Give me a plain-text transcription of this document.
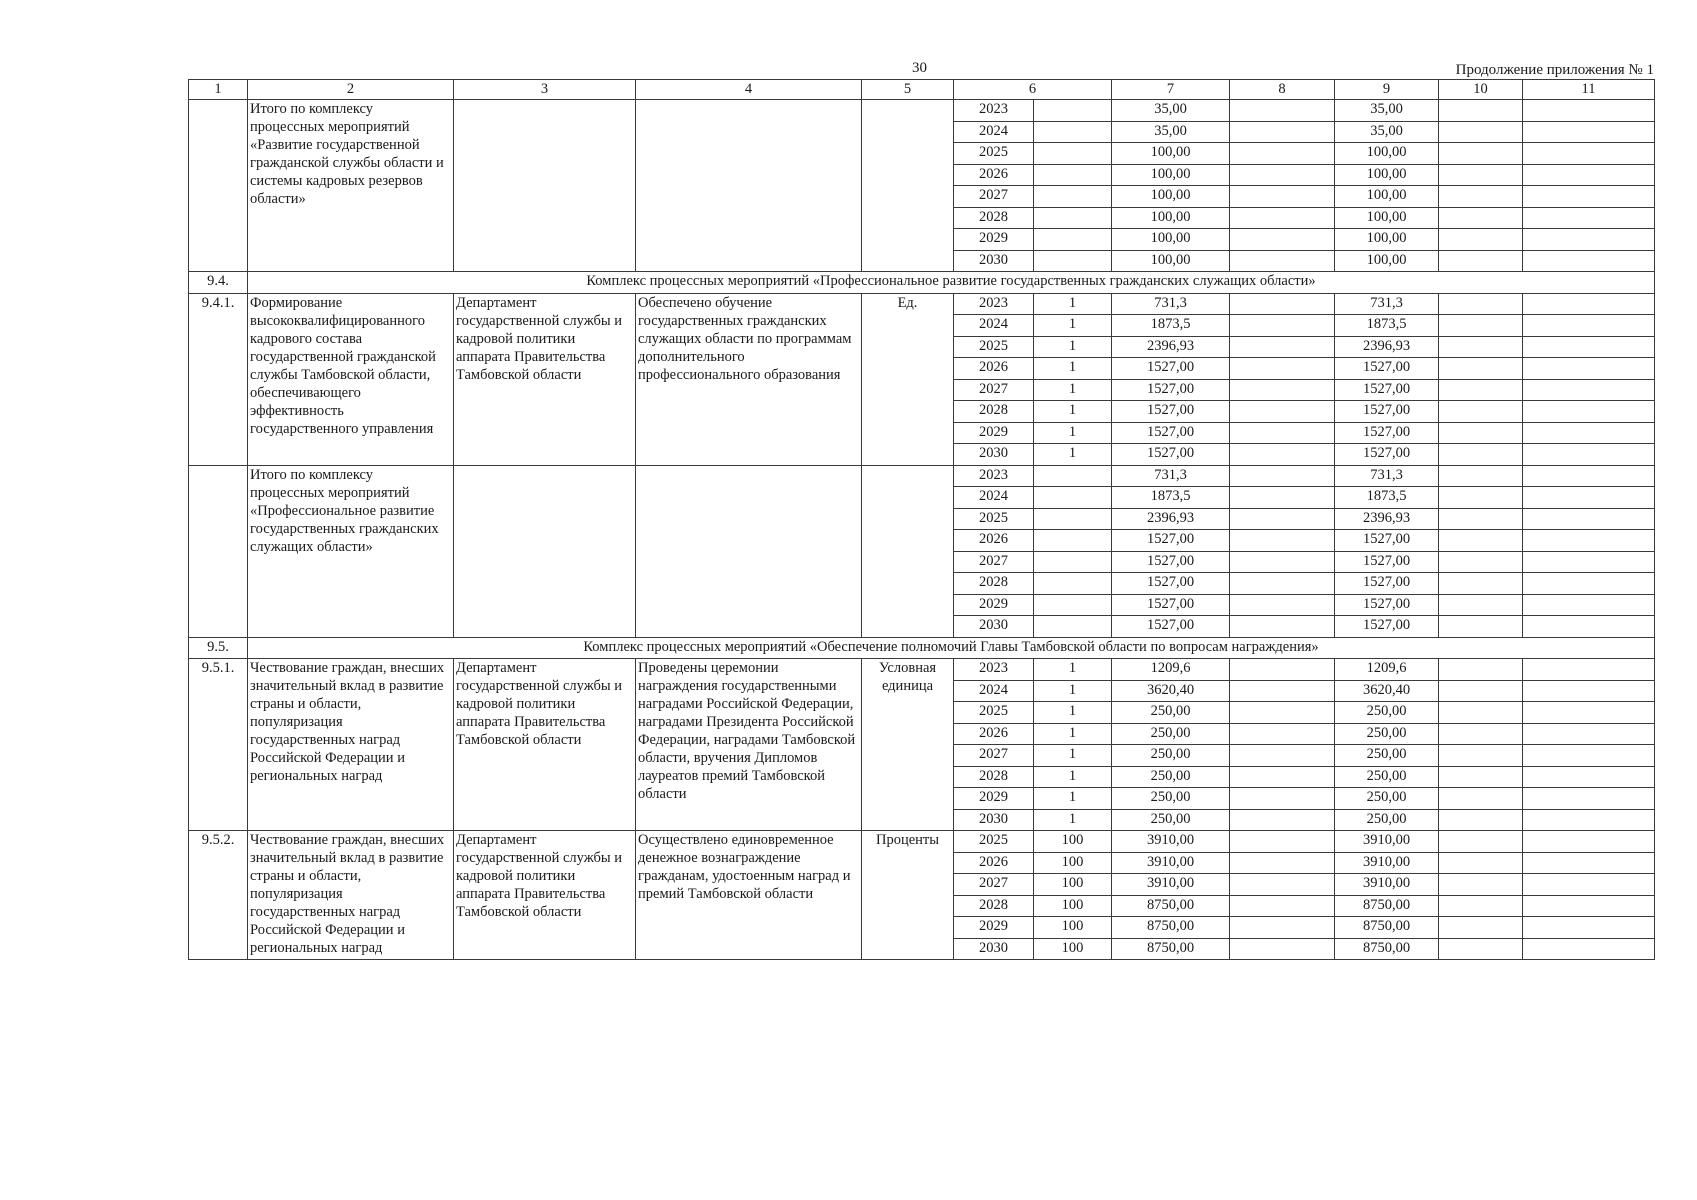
30	Продолжение приложения № 1
1	2	3	4	5	6		7	8	9	10	11
	Итого по комплексу процессных мероприятий «Развитие государственной гражданской службы области и системы кадровых резервов области»				2023		35,00		35,00		
					2024		35,00		35,00		
					2025		100,00		100,00		
					2026		100,00		100,00		
					2027		100,00		100,00		
					2028		100,00		100,00		
					2029		100,00		100,00		
					2030		100,00		100,00		
9.4.	Комплекс процессных мероприятий «Профессиональное развитие государственных гражданских служащих области»										
9.4.1.	Формирование высококвалифицированного кадрового состава государственной гражданской службы Тамбовской области, обеспечивающего эффективность государственного управления	Департамент государственной службы и кадровой политики аппарата Правительства Тамбовской области	Обеспечено обучение государственных гражданских служащих области по программам дополнительного профессионального образования	Ед.	2023	1	731,3		731,3		
					2024	1	1873,5		1873,5		
					2025	1	2396,93		2396,93		
					2026	1	1527,00		1527,00		
					2027	1	1527,00		1527,00		
					2028	1	1527,00		1527,00		
					2029	1	1527,00		1527,00		
					2030	1	1527,00		1527,00		
	Итого по комплексу процессных мероприятий «Профессиональное развитие государственных гражданских служащих области»				2023		731,3		731,3		
					2024		1873,5		1873,5		
					2025		2396,93		2396,93		
					2026		1527,00		1527,00		
					2027		1527,00		1527,00		
					2028		1527,00		1527,00		
					2029		1527,00		1527,00		
					2030		1527,00		1527,00		
9.5.	Комплекс процессных мероприятий «Обеспечение полномочий Главы Тамбовской области по вопросам награждения»										
9.5.1.	Чествование граждан, внесших значительный вклад в развитие страны и области, популяризация государственных наград Российской Федерации и региональных наград	Департамент государственной службы и кадровой политики аппарата Правительства Тамбовской области	Проведены церемонии награждения государственными наградами Российской Федерации, наградами Президента Российской Федерации, наградами Тамбовской области, вручения Дипломов лауреатов премий Тамбовской области	Условная единица	2023	1	1209,6		1209,6		
					2024	1	3620,40		3620,40		
					2025	1	250,00		250,00		
					2026	1	250,00		250,00		
					2027	1	250,00		250,00		
					2028	1	250,00		250,00		
					2029	1	250,00		250,00		
					2030	1	250,00		250,00		
9.5.2.	Чествование граждан, внесших значительный вклад в развитие страны и области, популяризация государственных наград Российской Федерации и региональных наград	Департамент государственной службы и кадровой политики аппарата Правительства Тамбовской области	Осуществлено единовременное денежное вознаграждение гражданам, удостоенным наград и премий Тамбовской области	Проценты	2025	100	3910,00		3910,00		
					2026	100	3910,00		3910,00		
					2027	100	3910,00		3910,00		
					2028	100	8750,00		8750,00		
					2029	100	8750,00		8750,00		
					2030	100	8750,00		8750,00		
